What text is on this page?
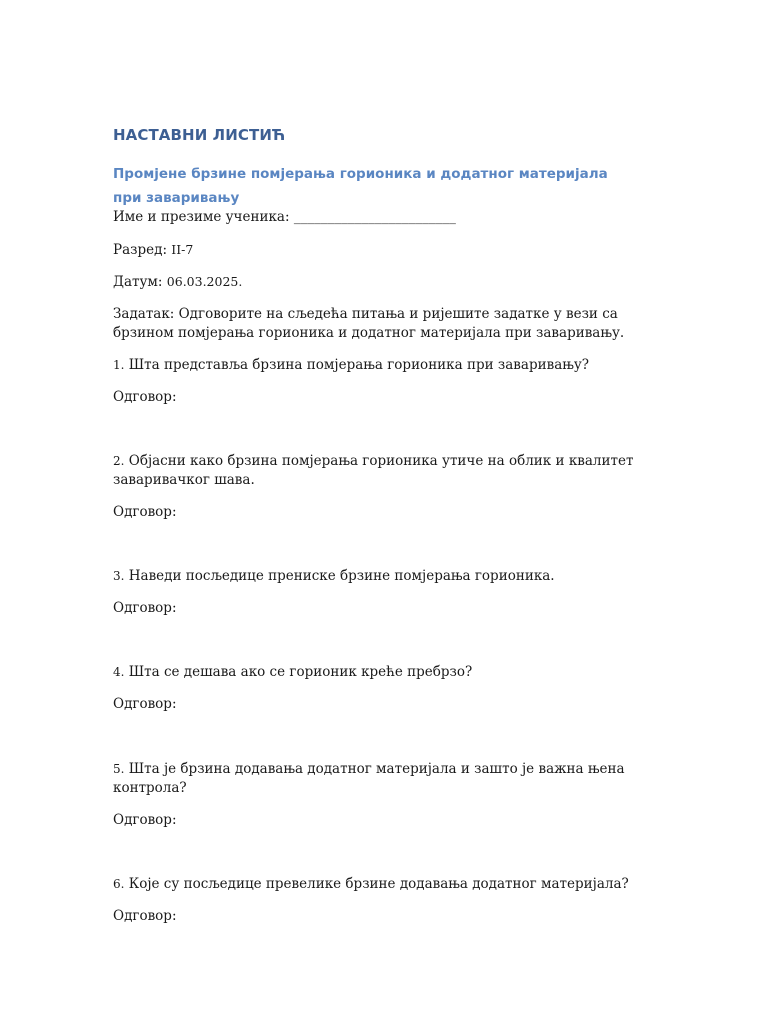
НАСТАВНИ ЛИСТИЋ
Промјене брзине помјерања горионика и додатног материјала при заваривању

Име и презиме ученика: ________________________

Разред: II-7

Датум: 06.03.2025.

Задатак: Одговорите на сљедећа питања и ријешите задатке у вези са брзином помјерања горионика и додатног материјала при заваривању.

1. Шта представља брзина помјерања горионика при заваривању?

Одговор:

2. Објасни како брзина помјерања горионика утиче на облик и квалитет заваривачког шава.

Одговор:

3. Наведи посљедице прениске брзине помјерања горионика.

Одговор:

4. Шта се дешава ако се горионик креће пребрзо?

Одговор:

5. Шта је брзина додавања додатног материјала и зашто је важна њена контрола?

Одговор:

6. Које су посљедице превелике брзине додавања додатног материјала?

Одговор:
